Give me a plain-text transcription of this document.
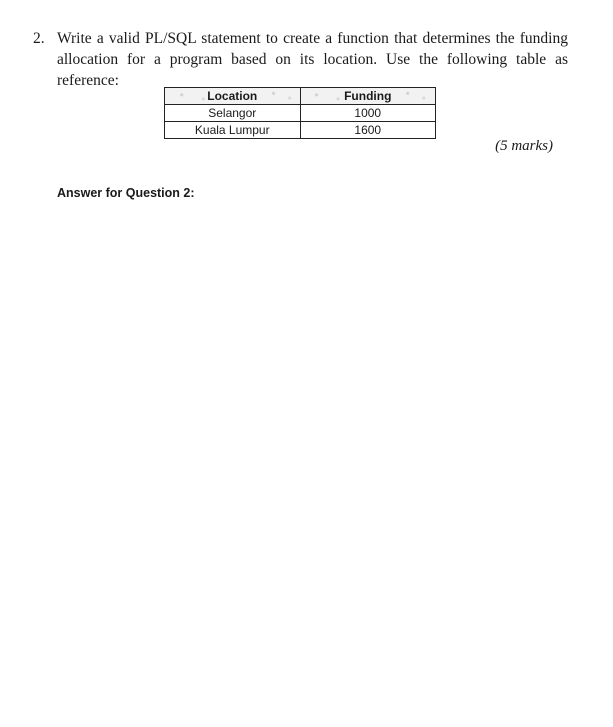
2. Write a valid PL/SQL statement to create a function that determines the funding allocation for a program based on its location. Use the following table as reference:
Location	Funding
Selangor	1000
Kuala Lumpur	1600
(5 marks)
Answer for Question 2:
